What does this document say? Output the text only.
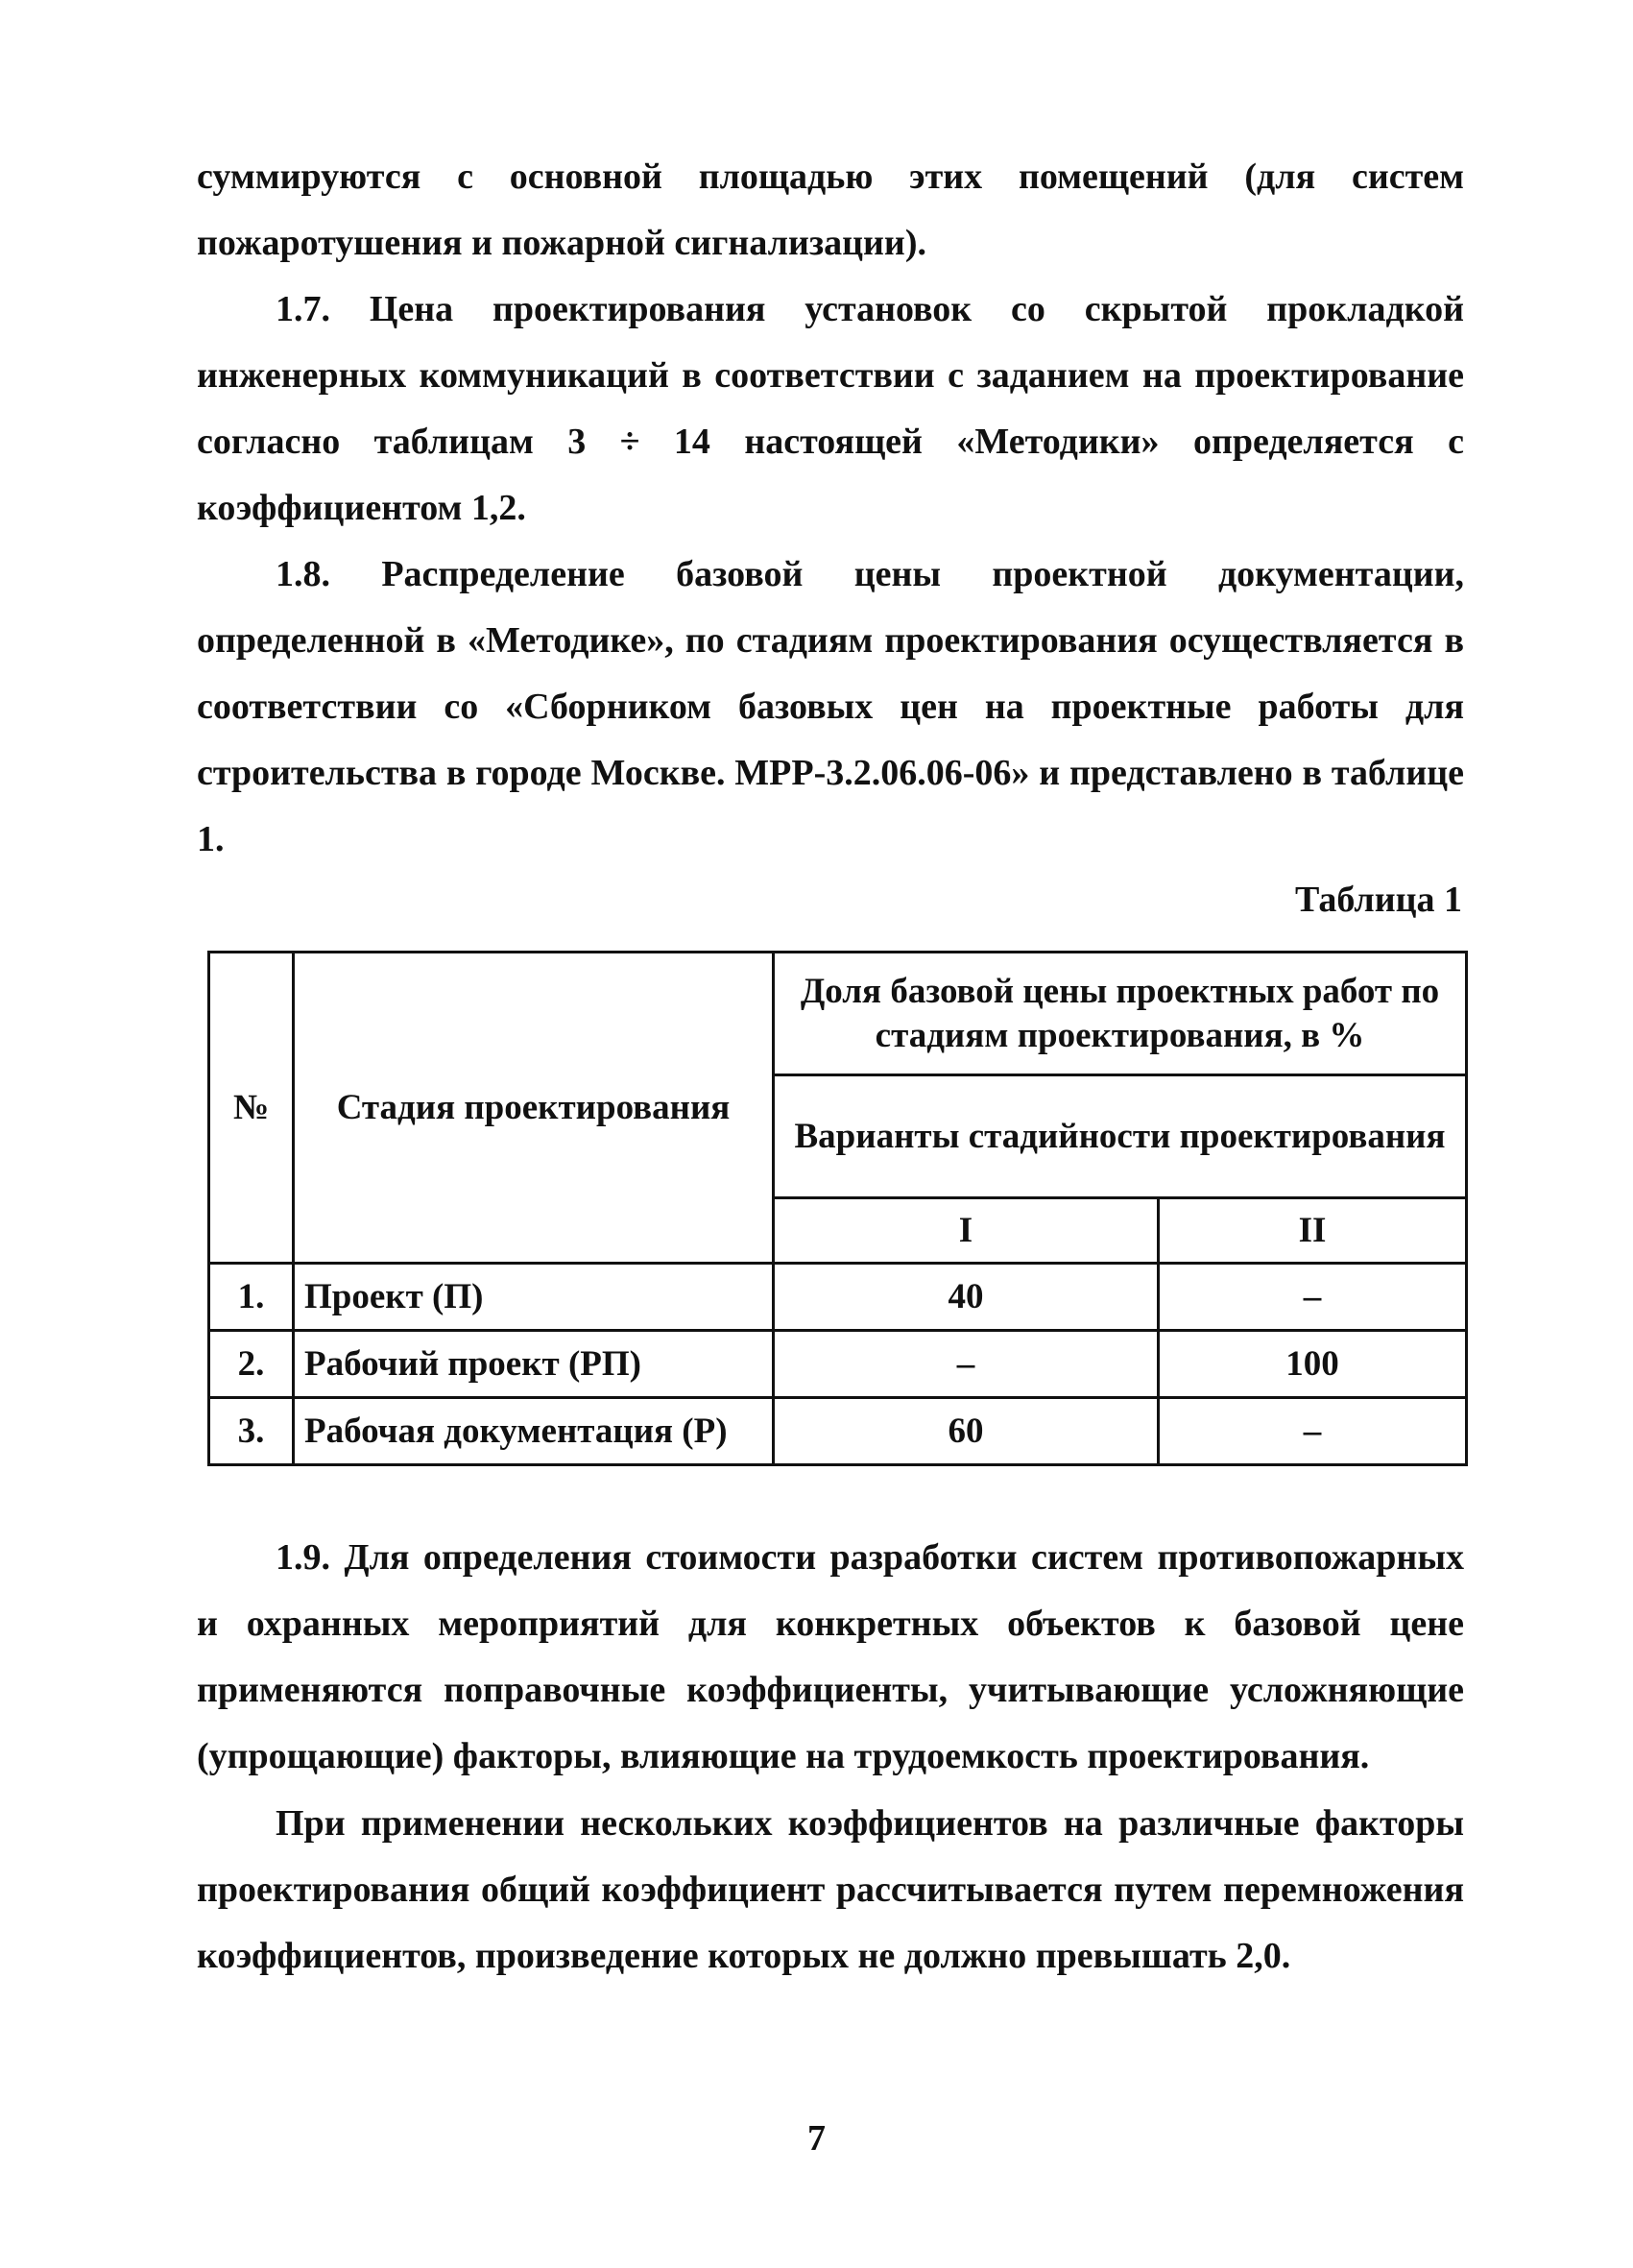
суммируются с основной площадью этих помещений (для систем пожаротушения и пожарной сигнализации).

1.7. Цена проектирования установок со скрытой прокладкой инженерных коммуникаций в соответствии с заданием на проектирование согласно таблицам 3 ÷ 14 настоящей «Методики» определяется с коэффициентом 1,2.

1.8. Распределение базовой цены проектной документации, определенной в «Методике», по стадиям проектирования осуществляется в соответствии со «Сборником базовых цен на проектные работы для строительства в городе Москве. МРР-3.2.06.06-06» и представлено в таблице 1.

Таблица 1
№	Стадия проектирования	Доля базовой цены проектных работ по стадиям проектирования, в %	
		Варианты стадийности проектирования	
		I	II
1.	Проект (П)	40	–
2.	Рабочий проект (РП)	–	100
3.	Рабочая документация (Р)	60	–

1.9. Для определения стоимости разработки систем противопожарных и охранных мероприятий для конкретных объектов к базовой цене применяются поправочные коэффициенты, учитывающие усложняющие (упрощающие) факторы, влияющие на трудоемкость проектирования.

При применении нескольких коэффициентов на различные факторы проектирования общий коэффициент рассчитывается путем перемножения коэффициентов, произведение которых не должно превышать 2,0.

7
